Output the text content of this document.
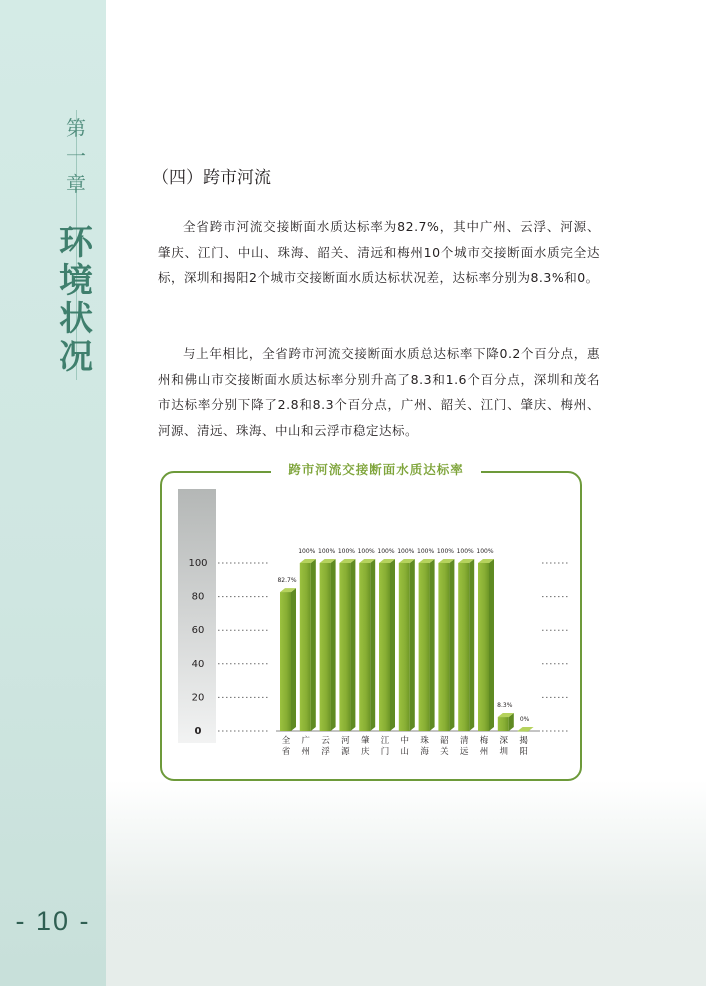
第
一
章
环
境
状
况
- 10 -
（四）跨市河流

全省跨市河流交接断面水质达标率为82.7%，其中广州、云浮、河源、肇庆、江门、中山、珠海、韶关、清远和梅州10个城市交接断面水质完全达标，深圳和揭阳2个城市交接断面水质达标状况差，达标率分别为8.3%和0。

与上年相比，全省跨市河流交接断面水质总达标率下降0.2个百分点，惠州和佛山市交接断面水质达标率分别升高了8.3和1.6个百分点，深圳和茂名市达标率分别下降了2.8和8.3个百分点，广州、韶关、江门、肇庆、梅州、河源、清远、珠海、中山和云浮市稳定达标。

跨市河流交接断面水质达标率
0
20
40
60
80
100
82.7%
全
省
100%
广
州
100%
云
浮
100%
河
源
100%
肇
庆
100%
江
门
100%
中
山
100%
珠
海
100%
韶
关
100%
清
远
100%
梅
州
8.3%
深
圳
0%
揭
阳
